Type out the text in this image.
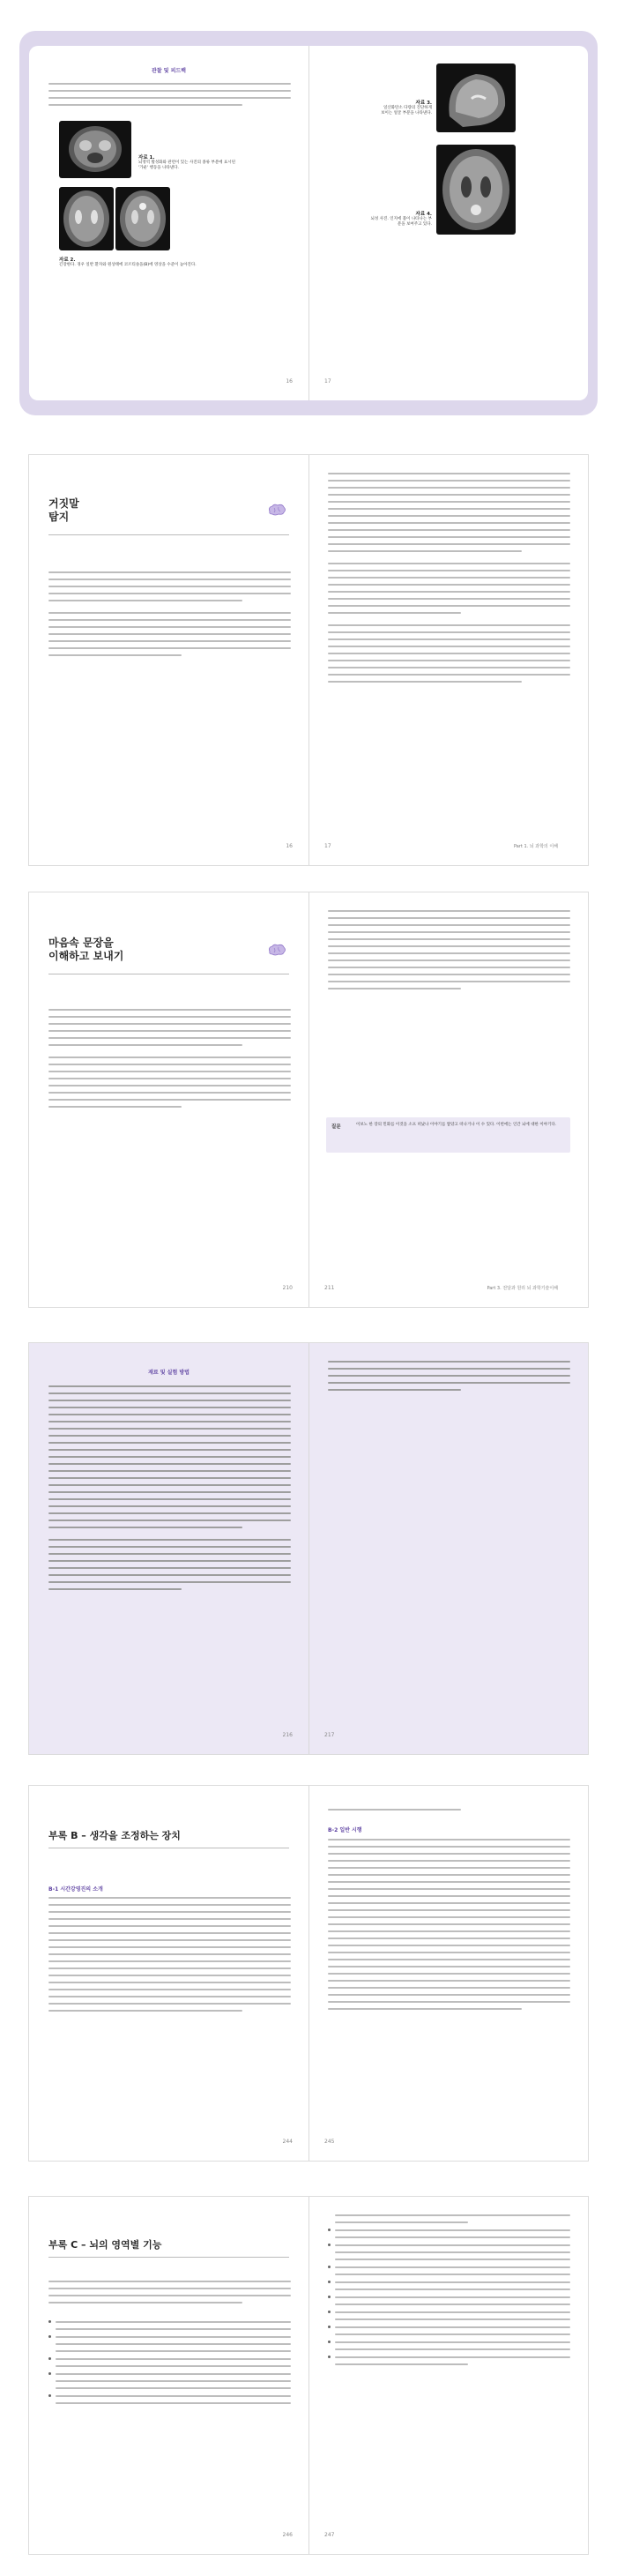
관찰 및 피드백
자료 1.
뇌영역 활성화와 관련이 있는 사진의 종류 부분에 표시된 '가운' 행동을 나타낸다.
자료 2.
긴장한다. 경우 일반 환자와 원상태에 코르티솔을(B)에 영상을 수준이 높아진다.
16
자료 3.
일산화탄소 다량의 진단하게 보이는 얼굴 부분을 나타낸다.
자료 4.
뇌성 사진. 인지에 불이 나타나는 부분을 보여주고 있다.
17
거짓말
탐지
16	17	Part 1. 뇌 과학의 이해
마음속 문장을
이해하고 보내기
210
질문	이보노 한 장의 민화를 이것을 소프 떠났나 이야기를 쌓았고 떠나거나 이 수 있다. 이번에는 인간 뇌에 대한 이야기다.
211	Part 3. 전달과 원리 뇌 과학기술이해
재료 및 실험 방법
216	217
부록 B – 생각을 조정하는 장치
B-1 시간강영진의 소개
244
B-2 일반 시행
245
부록 C – 뇌의 영역별 기능
246	247
